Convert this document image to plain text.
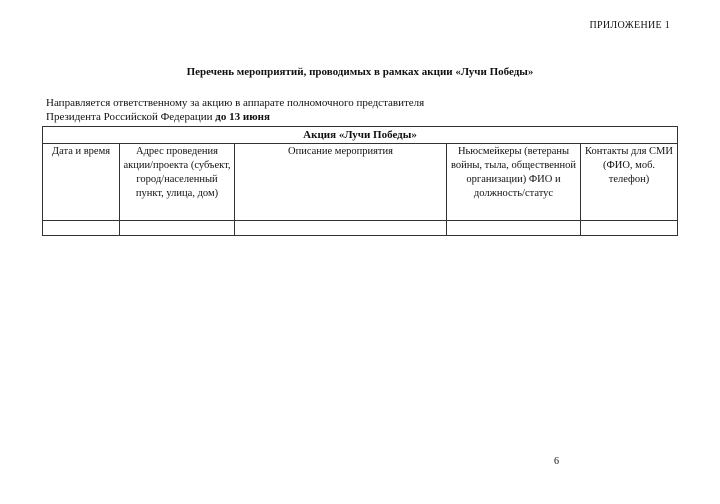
ПРИЛОЖЕНИЕ 1
Перечень мероприятий, проводимых в рамках акции «Лучи Победы»
Направляется ответственному за акцию в аппарате полномочного представителя
Президента Российской Федерации до 13 июня
Акция «Лучи Победы»				
Дата и время	Адрес проведения акции/проекта (субъект, город/населенный пункт, улица, дом)	Описание мероприятия	Ньюсмейкеры (ветераны войны, тыла, общественной организации) ФИО и должность/статус	Контакты для СМИ (ФИО, моб. телефон)

6
